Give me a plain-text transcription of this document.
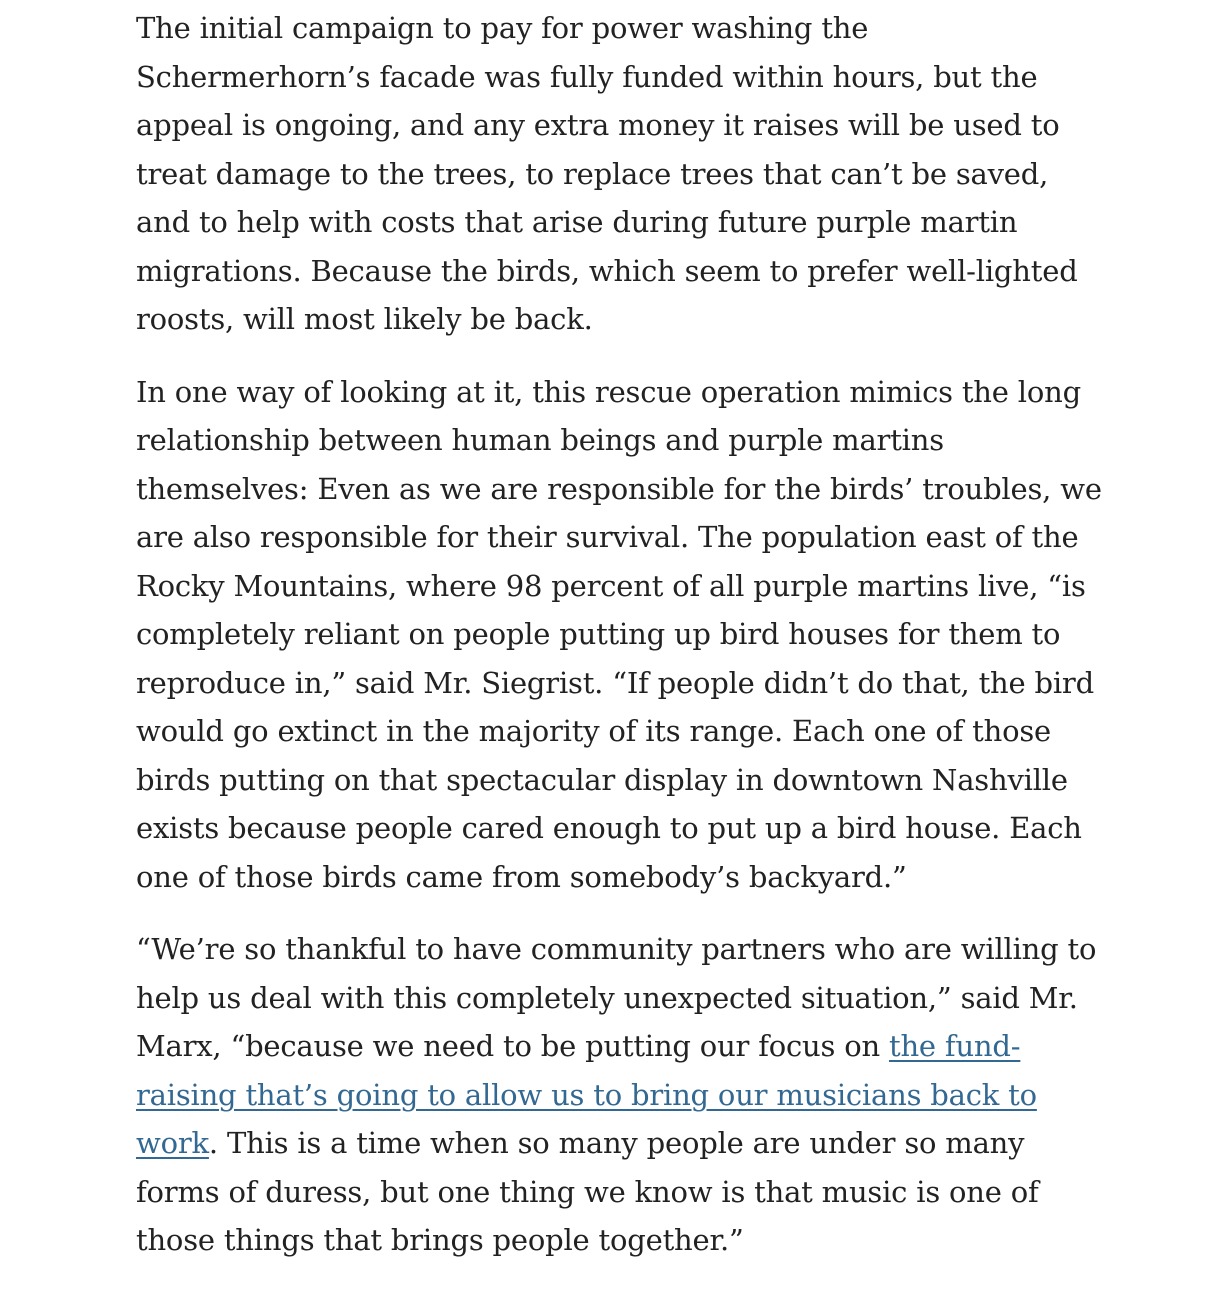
The initial campaign to pay for power washing the Schermerhorn’s facade was fully funded within hours, but the appeal is ongoing, and any extra money it raises will be used to treat damage to the trees, to replace trees that can’t be saved, and to help with costs that arise during future purple martin migrations. Because the birds, which seem to prefer well-lighted roosts, will most likely be back.

In one way of looking at it, this rescue operation mimics the long relationship between human beings and purple martins themselves: Even as we are responsible for the birds’ troubles, we are also responsible for their survival. The population east of the Rocky Mountains, where 98 percent of all purple martins live, “is completely reliant on people putting up bird houses for them to reproduce in,” said Mr. Siegrist. “If people didn’t do that, the bird would go extinct in the majority of its range. Each one of those birds putting on that spectacular display in downtown Nashville exists because people cared enough to put up a bird house. Each one of those birds came from somebody’s backyard.”

“We’re so thankful to have community partners who are willing to help us deal with this completely unexpected situation,” said Mr. Marx, “because we need to be putting our focus on the fund-raising that’s going to allow us to bring our musicians back to work. This is a time when so many people are under so many forms of duress, but one thing we know is that music is one of those things that brings people together.”
